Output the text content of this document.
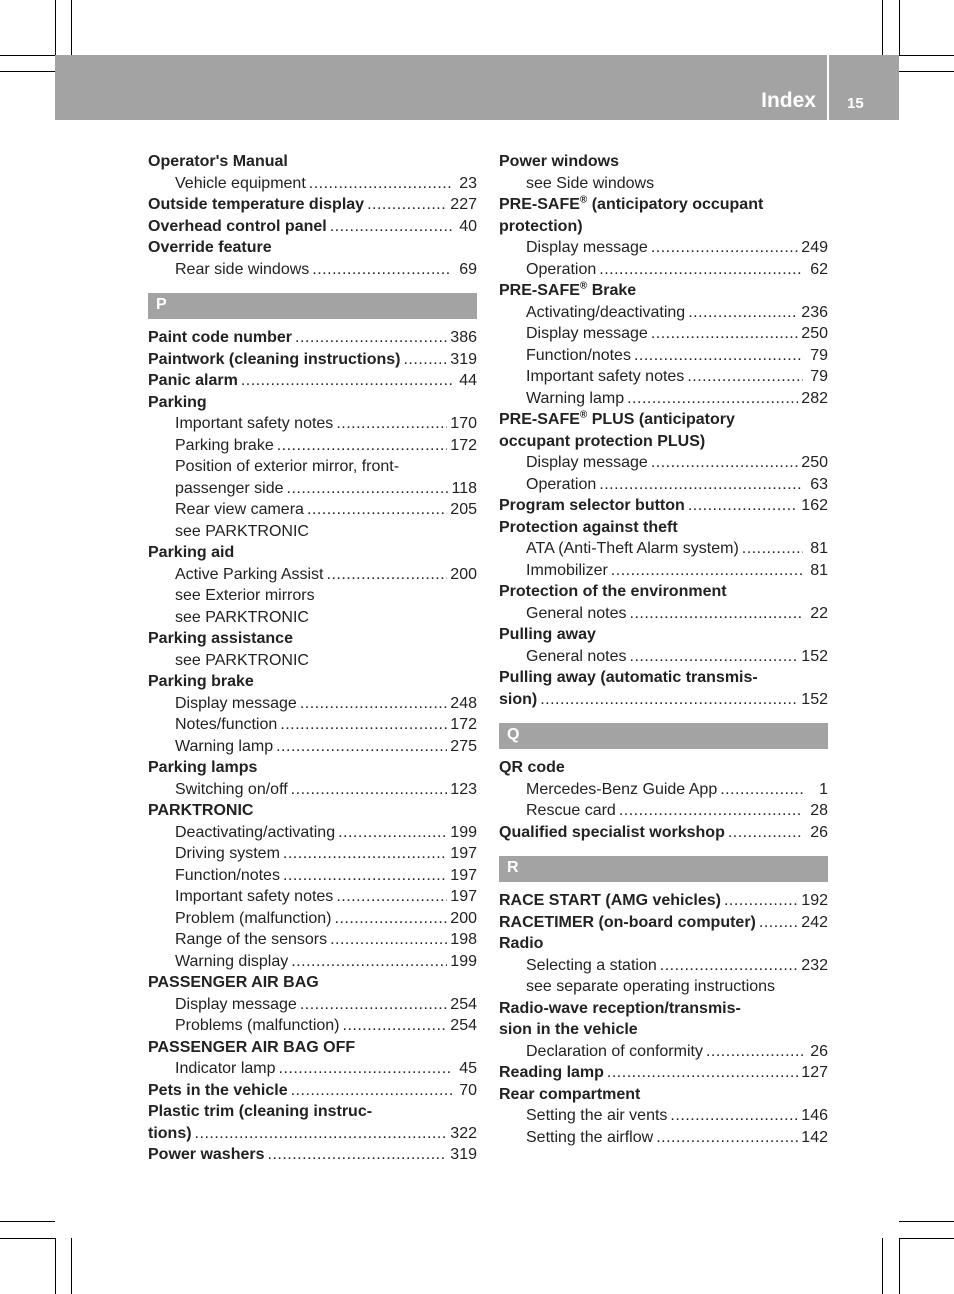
Index 15
Operator's Manual
Vehicle equipment .....	23
Outside temperature display .....	227
Overhead control panel .....	40
Override feature
Rear side windows .....	69
P
Paint code number .....	386
Paintwork (cleaning instructions) .....	319
Panic alarm .....	44
Parking
Important safety notes .....	170
Parking brake .....	172
Position of exterior mirror, front-
passenger side .....	118
Rear view camera .....	205
see PARKTRONIC
Parking aid
Active Parking Assist .....	200
see Exterior mirrors
see PARKTRONIC
Parking assistance
see PARKTRONIC
Parking brake
Display message .....	248
Notes/function .....	172
Warning lamp .....	275
Parking lamps
Switching on/off .....	123
PARKTRONIC
Deactivating/activating .....	199
Driving system .....	197
Function/notes .....	197
Important safety notes .....	197
Problem (malfunction) .....	200
Range of the sensors .....	198
Warning display .....	199
PASSENGER AIR BAG
Display message .....	254
Problems (malfunction) .....	254
PASSENGER AIR BAG OFF
Indicator lamp .....	45
Pets in the vehicle .....	70
Plastic trim (cleaning instruc-
tions) .....	322
Power washers .....	319
Power windows
see Side windows
PRE-SAFE® (anticipatory occupant
protection)
Display message .....	249
Operation .....	62
PRE-SAFE® Brake
Activating/deactivating .....	236
Display message .....	250
Function/notes .....	79
Important safety notes .....	79
Warning lamp .....	282
PRE-SAFE® PLUS (anticipatory
occupant protection PLUS)
Display message .....	250
Operation .....	63
Program selector button .....	162
Protection against theft
ATA (Anti-Theft Alarm system) .....	81
Immobilizer .....	81
Protection of the environment
General notes .....	22
Pulling away
General notes .....	152
Pulling away (automatic transmis-
sion) .....	152
Q
QR code
Mercedes-Benz Guide App .....	1
Rescue card .....	28
Qualified specialist workshop .....	26
R
RACE START (AMG vehicles) .....	192
RACETIMER (on-board computer) .....	242
Radio
Selecting a station .....	232
see separate operating instructions
Radio-wave reception/transmis-
sion in the vehicle
Declaration of conformity .....	26
Reading lamp .....	127
Rear compartment
Setting the air vents .....	146
Setting the airflow .....	142
